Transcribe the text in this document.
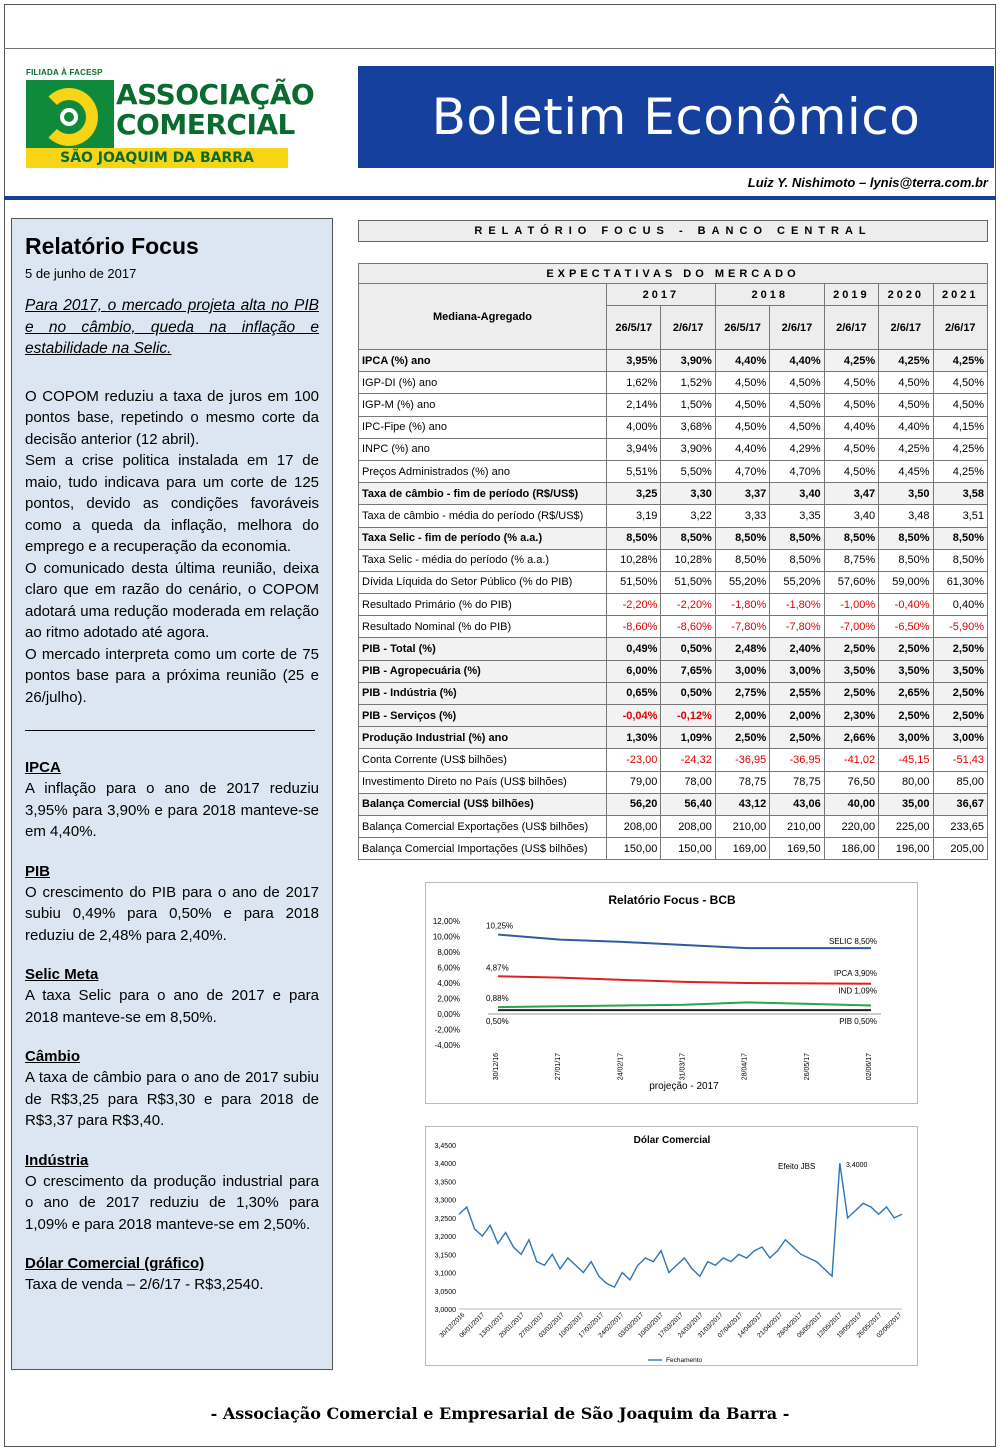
FILIADA À FACESP
ASSOCIAÇÃO
COMERCIAL
SÃO JOAQUIM DA BARRA
Boletim Econômico
Luiz Y. Nishimoto – lynis@terra.com.br
Relatório Focus
5 de junho de 2017
Para 2017, o mercado projeta alta no PIB e no câmbio, queda na inflação e estabilidade na Selic.

O COPOM reduziu a taxa de juros em 100 pontos base, repetindo o mesmo corte da decisão anterior (12 abril).

Sem a crise politica instalada em 17 de maio, tudo indicava para um corte de 125 pontos, devido as condições favoráveis como a queda da inflação, melhora do emprego e a recuperação da economia.

O comunicado desta última reunião, deixa claro que em razão do cenário, o COPOM adotará uma redução moderada em relação ao ritmo adotado até agora.

O mercado interpreta como um corte de 75 pontos base para a próxima reunião (25 e 26/julho).

IPCA
A inflação para o ano de 2017 reduziu 3,95% para 3,90% e para 2018 manteve-se em 4,40%.
PIB
O crescimento do PIB para o ano de 2017 subiu 0,49% para 0,50% e para 2018 reduziu de 2,48% para 2,40%.
Selic Meta
A taxa Selic para o ano de 2017 e para 2018 manteve-se em 8,50%.
Câmbio
A taxa de câmbio para o ano de 2017 subiu de R$3,25 para R$3,30 e para 2018 de R$3,37 para R$3,40.
Indústria
O crescimento da produção industrial para o ano de 2017 reduziu de 1,30% para 1,09% e para 2018 manteve-se em 2,50%.
Dólar Comercial (gráfico)
Taxa de venda – 2/6/17 - R$3,2540.
RELATÓRIO FOCUS - BANCO CENTRAL
EXPECTATIVAS DO MERCADO							
Mediana-Agregado	2017		2018		2019	2020	2021
	26/5/17	2/6/17	26/5/17	2/6/17	2/6/17	2/6/17	2/6/17
IPCA (%) ano	3,95%	3,90%	4,40%	4,40%	4,25%	4,25%	4,25%
IGP-DI (%) ano	1,62%	1,52%	4,50%	4,50%	4,50%	4,50%	4,50%
IGP-M (%) ano	2,14%	1,50%	4,50%	4,50%	4,50%	4,50%	4,50%
IPC-Fipe (%) ano	4,00%	3,68%	4,50%	4,50%	4,40%	4,40%	4,15%
INPC (%) ano	3,94%	3,90%	4,40%	4,29%	4,50%	4,25%	4,25%
Preços Administrados (%) ano	5,51%	5,50%	4,70%	4,70%	4,50%	4,45%	4,25%
Taxa de câmbio - fim de período (R$/US$)	3,25	3,30	3,37	3,40	3,47	3,50	3,58
Taxa de câmbio - média do período (R$/US$)	3,19	3,22	3,33	3,35	3,40	3,48	3,51
Taxa Selic - fim de período (% a.a.)	8,50%	8,50%	8,50%	8,50%	8,50%	8,50%	8,50%
Taxa Selic - média do período (% a.a.)	10,28%	10,28%	8,50%	8,50%	8,75%	8,50%	8,50%
Dívida Líquida do Setor Público (% do PIB)	51,50%	51,50%	55,20%	55,20%	57,60%	59,00%	61,30%
Resultado Primário (% do PIB)	-2,20%	-2,20%	-1,80%	-1,80%	-1,00%	-0,40%	0,40%
Resultado Nominal (% do PIB)	-8,60%	-8,60%	-7,80%	-7,80%	-7,00%	-6,50%	-5,90%
PIB - Total (%)	0,49%	0,50%	2,48%	2,40%	2,50%	2,50%	2,50%
PIB - Agropecuária (%)	6,00%	7,65%	3,00%	3,00%	3,50%	3,50%	3,50%
PIB - Indústria (%)	0,65%	0,50%	2,75%	2,55%	2,50%	2,65%	2,50%
PIB - Serviços (%)	-0,04%	-0,12%	2,00%	2,00%	2,30%	2,50%	2,50%
Produção Industrial (%) ano	1,30%	1,09%	2,50%	2,50%	2,66%	3,00%	3,00%
Conta Corrente (US$ bilhões)	-23,00	-24,32	-36,95	-36,95	-41,02	-45,15	-51,43
Investimento Direto no País (US$ bilhões)	79,00	78,00	78,75	78,75	76,50	80,00	85,00
Balança Comercial (US$ bilhões)	56,20	56,40	43,12	43,06	40,00	35,00	36,67
Balança Comercial Exportações (US$ bilhões)	208,00	208,00	210,00	210,00	220,00	225,00	233,65
Balança Comercial Importações (US$ bilhões)	150,00	150,00	169,00	169,50	186,00	196,00	205,00
Relatório Focus - BCB
12,00%
10,00%
8,00%
6,00%
4,00%
2,00%
0,00%
-2,00%
-4,00%
30/12/16	27/01/17	24/02/17	31/03/17	28/04/17	26/05/17	02/06/17
projeção - 2017
10,25%
SELIC 8,50%
4,87%
IPCA 3,90%
0,88%
IND 1,09%
0,50%	PIB 0,50%
Dólar Comercial
3,4500
3,4000
3,3500
3,3000
3,2500
3,2000
3,1500
3,1000
3,0500
3,0000
30/12/2016
06/01/2017
13/01/2017
20/01/2017
27/01/2017
03/02/2017
10/02/2017
17/02/2017
24/02/2017
03/03/2017
10/03/2017
17/03/2017
24/03/2017
31/03/2017
07/04/2017
14/04/2017
21/04/2017
28/04/2017
05/05/2017
12/05/2017
19/05/2017
26/05/2017
02/06/2017
Efeito JBS	3,4000
Fechamento
- Associação Comercial e Empresarial de São Joaquim da Barra -
